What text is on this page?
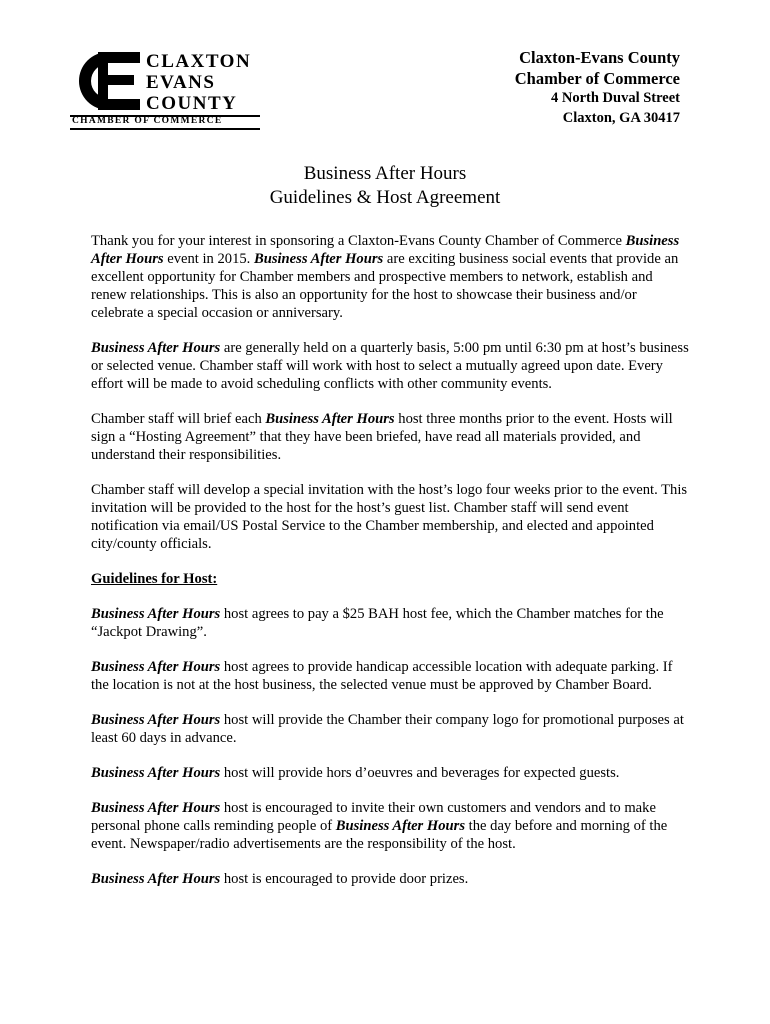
CLAXTON
EVANS
COUNTY
CHAMBER OF COMMERCE
Claxton-Evans County
Chamber of Commerce
4 North Duval Street
Claxton, GA 30417
Business After Hours
Guidelines & Host Agreement

Thank you for your interest in sponsoring a Claxton-Evans County Chamber of Commerce Business After Hours event in 2015. Business After Hours are exciting business social events that provide an excellent opportunity for Chamber members and prospective members to network, establish and renew relationships. This is also an opportunity for the host to showcase their business and/or celebrate a special occasion or anniversary.

Business After Hours are generally held on a quarterly basis, 5:00 pm until 6:30 pm at host’s business or selected venue. Chamber staff will work with host to select a mutually agreed upon date. Every effort will be made to avoid scheduling conflicts with other community events.

Chamber staff will brief each Business After Hours host three months prior to the event. Hosts will sign a “Hosting Agreement” that they have been briefed, have read all materials provided, and understand their responsibilities.

Chamber staff will develop a special invitation with the host’s logo four weeks prior to the event. This invitation will be provided to the host for the host’s guest list. Chamber staff will send event notification via email/US Postal Service to the Chamber membership, and elected and appointed city/county officials.

Guidelines for Host:

Business After Hours host agrees to pay a $25 BAH host fee, which the Chamber matches for the “Jackpot Drawing”.

Business After Hours host agrees to provide handicap accessible location with adequate parking. If the location is not at the host business, the selected venue must be approved by Chamber Board.

Business After Hours host will provide the Chamber their company logo for promotional purposes at least 60 days in advance.

Business After Hours host will provide hors d’oeuvres and beverages for expected guests.

Business After Hours host is encouraged to invite their own customers and vendors and to make personal phone calls reminding people of Business After Hours the day before and morning of the event. Newspaper/radio advertisements are the responsibility of the host.

Business After Hours host is encouraged to provide door prizes.
